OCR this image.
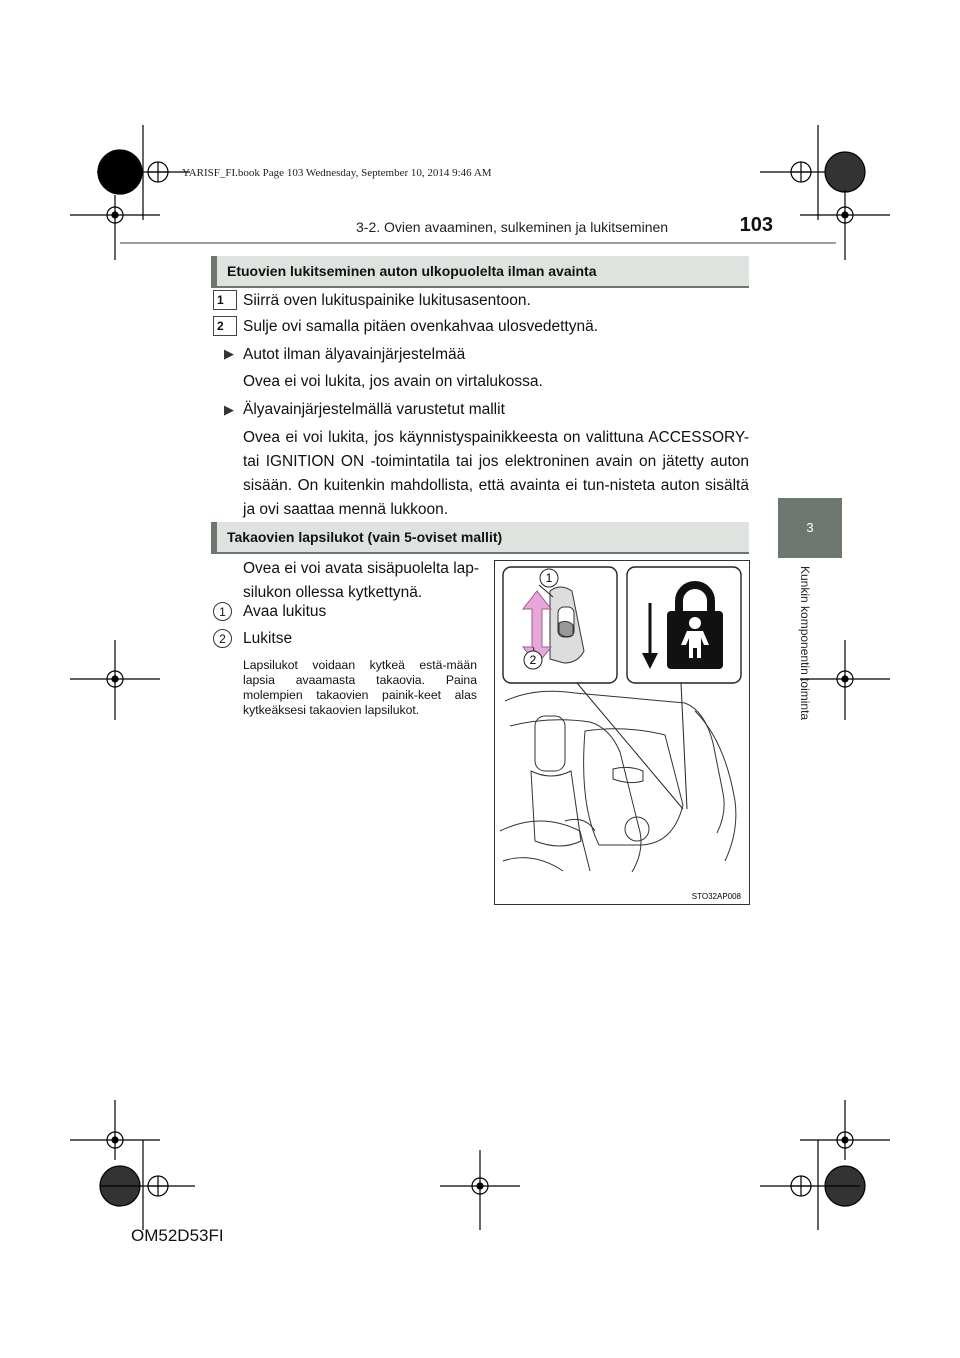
YARISF_FI.book Page 103 Wednesday, September 10, 2014 9:46 AM
103
3-2. Ovien avaaminen, sulkeminen ja lukitseminen
3
Kunkin komponentin toiminta
Etuovien lukitseminen auton ulkopuolelta ilman avainta
1	Siirrä oven lukituspainike lukitusasentoon.
2	Sulje ovi samalla pitäen ovenkahvaa ulosvedettynä.
▶ Autot ilman älyavainjärjestelmää
Ovea ei voi lukita, jos avain on virtalukossa.
▶ Älyavainjärjestelmällä varustetut mallit
Ovea ei voi lukita, jos käynnistyspainikkeesta on valittuna ACCESSORY- tai IGNITION ON -toimintatila tai jos elektroninen avain on jätetty auton sisään. On kuitenkin mahdollista, että avainta ei tun-nisteta auton sisältä ja ovi saattaa mennä lukkoon.
Takaovien lapsilukot (vain 5-oviset mallit)
Ovea ei voi avata sisäpuolelta lap-
silukon ollessa kytkettynä.
1	Avaa lukitus
2	Lukitse
Lapsilukot voidaan kytkeä estä-mään lapsia avaamasta takaovia. Paina molempien takaovien painik-keet alas kytkeäksesi takaovien lapsilukot.
1
2
STO32AP008
OM52D53FI
